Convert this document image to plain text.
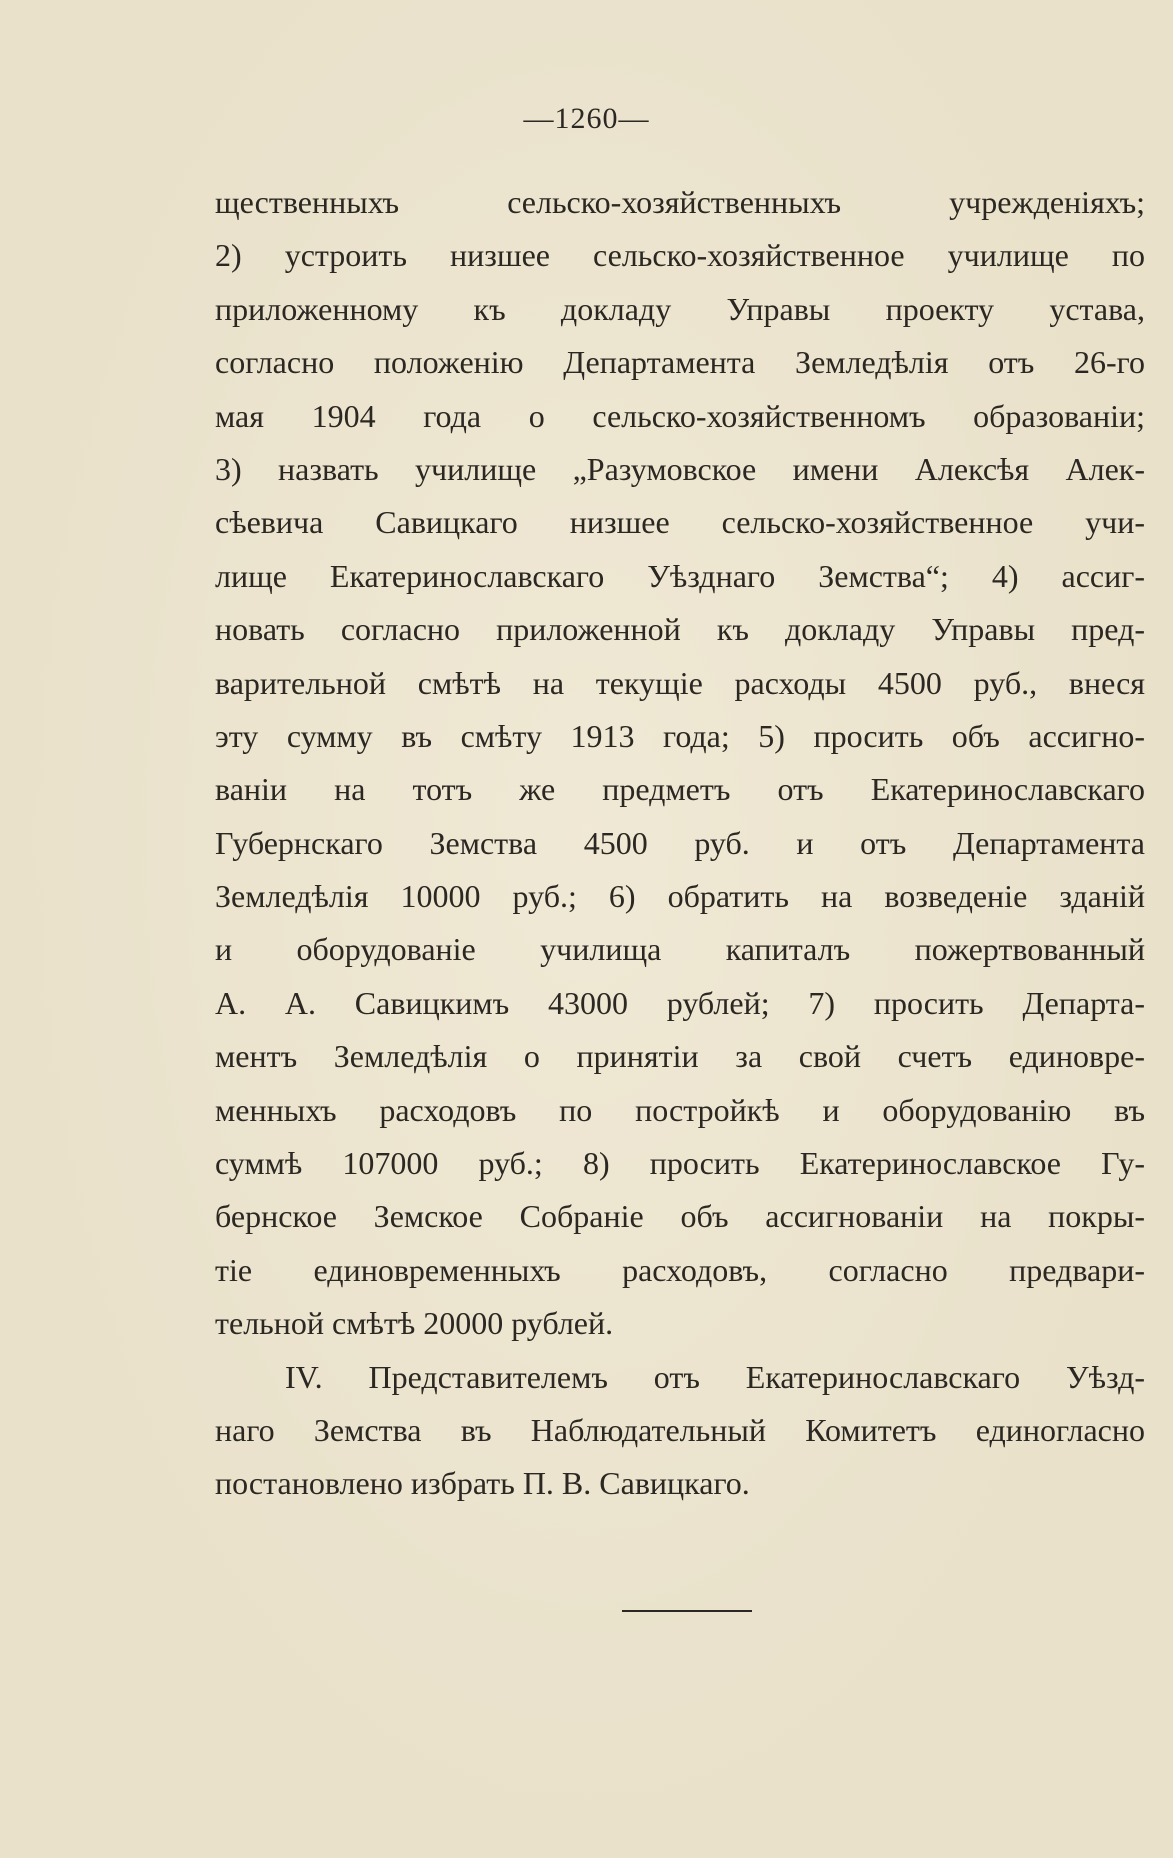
—1260—
щественныхъ сельско-хозяйственныхъ учрежденiяхъ;
2) устроить низшее сельско-хозяйственное училище по
приложенному къ докладу Управы проекту устава,
согласно положенiю Департамента Земледѣлiя отъ 26-го
мая 1904 года о сельско-хозяйственномъ образованiи;
3) назвать училище „Разумовское имени Алексѣя Алек-
сѣевича Савицкаго низшее сельско-хозяйственное учи-
лище Екатеринославскаго Уѣзднаго Земства“; 4) ассиг-
новать согласно приложенной къ докладу Управы пред-
варительной смѣтѣ на текущiе расходы 4500 руб., внеся
эту сумму въ смѣту 1913 года; 5) просить объ ассигно-
ванiи на тотъ же предметъ отъ Екатеринославскаго
Губернскаго Земства 4500 руб. и отъ Департамента
Земледѣлiя 10000 руб.; 6) обратить на возведенiе зданiй
и оборудованiе училища капиталъ пожертвованный
А. А. Савицкимъ 43000 рублей; 7) просить Департа-
ментъ Земледѣлiя о принятiи за свой счетъ единовре-
менныхъ расходовъ по постройкѣ и оборудованiю въ
суммѣ 107000 руб.; 8) просить Екатеринославское Гу-
бернское Земское Собранiе объ ассигнованiи на покры-
тiе единовременныхъ расходовъ, согласно предвари-
тельной смѣтѣ 20000 рублей.
IV. Представителемъ отъ Екатеринославскаго Уѣзд-
наго Земства въ Наблюдательный Комитетъ единогласно
постановлено избрать П. В. Савицкаго.
